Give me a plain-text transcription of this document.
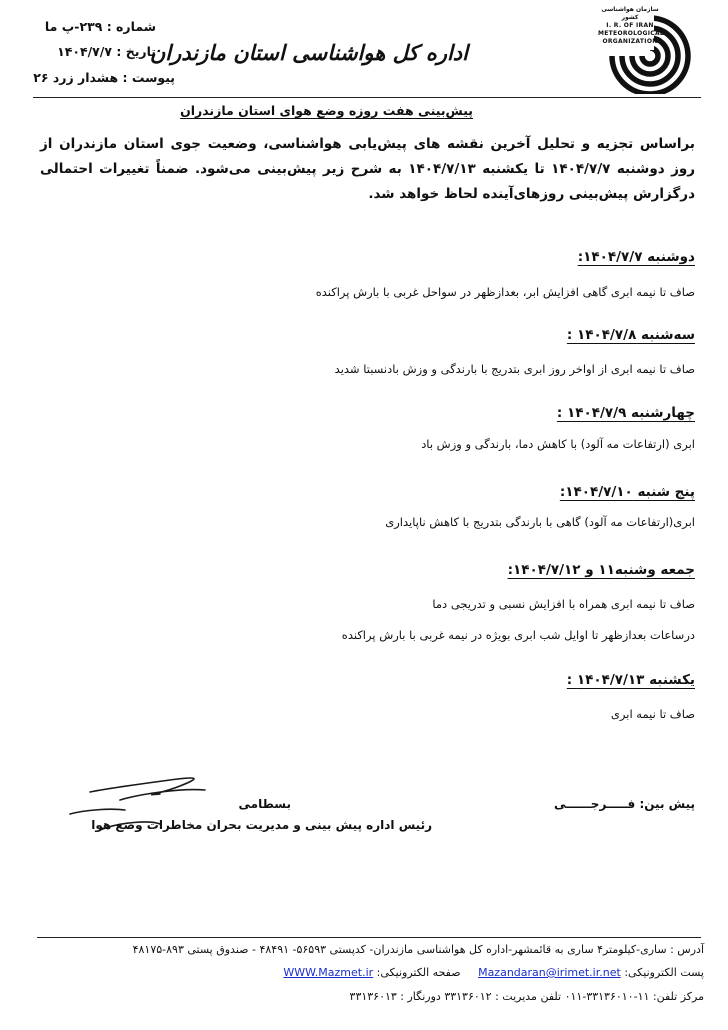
شماره : ۲۳۹-پ ما
تاریخ : ۱۴۰۴/۷/۷
پیوست : هشدار زرد ۲۶
اداره کل هواشناسی استان مازندران
سازمان هواشناسی کشور
I. R. OF IRAN
METEOROLOGICAL
ORGANIZATION
پیش‌بینی هفت روزه وضع هوای استان مازندران
براساس تجزیه و تحلیل آخرین نقشه های پیش‌یابی هواشناسی، وضعیت جوی استان مازندران از روز دوشنبه ۱۴۰۴/۷/۷ تا یکشنبه ۱۴۰۴/۷/۱۳ به شرح زیر پیش‌بینی می‌شود. ضمناً تغییرات احتمالی درگزارش پیش‌بینی روزهای‌آینده لحاظ خواهد شد.
دوشنبه ۱۴۰۴/۷/۷:
صاف تا نیمه ابری گاهی افزایش ابر، بعدازظهر در سواحل غربی با بارش پراکنده
سه‌شنبه ۱۴۰۴/۷/۸ :
صاف تا نیمه ابری از اواخر روز ابری بتدریج با بارندگی و وزش بادنسبتا شدید
چهارشنبه ۱۴۰۴/۷/۹ :
ابری (ارتفاعات مه آلود) با کاهش دما، بارندگی و وزش باد
پنج شنبه ۱۴۰۴/۷/۱۰:
ابری(ارتفاعات مه آلود) گاهی با بارندگی بتدریج با کاهش ناپایداری
جمعه وشنبه۱۱ و ۱۴۰۴/۷/۱۲:
صاف تا نیمه ابری همراه با افزایش نسبی و تدریجی دما
درساعات بعدازظهر تا اوایل شب ابری بویژه در نیمه غربی با بارش پراکنده
یکشنبه ۱۴۰۴/۷/۱۳ :
صاف تا نیمه ابری
پیش بین: فـــــرجــــــی
بسطامی
رئیس اداره پیش بینی و مدیریت بحران مخاطرات وضع هوا
آدرس : ساری-کیلومتر۴ ساری به قائمشهر-اداره کل هواشناسی مازندران- کدپستی ۵۶۵۹۳- ۴۸۴۹۱ - صندوق پستی ۸۹۳-۴۸۱۷۵
پست الکترونیکی: Mazandaran@irimet.ir.net     صفحه الکترونیکی: WWW.Mazmet.ir
مرکز تلفن: ۱۱-۳۳۱۳۶۰۱۰-۰۱۱ تلفن مدیریت : ۳۳۱۳۶۰۱۲ دورنگار : ۳۳۱۳۶۰۱۳
